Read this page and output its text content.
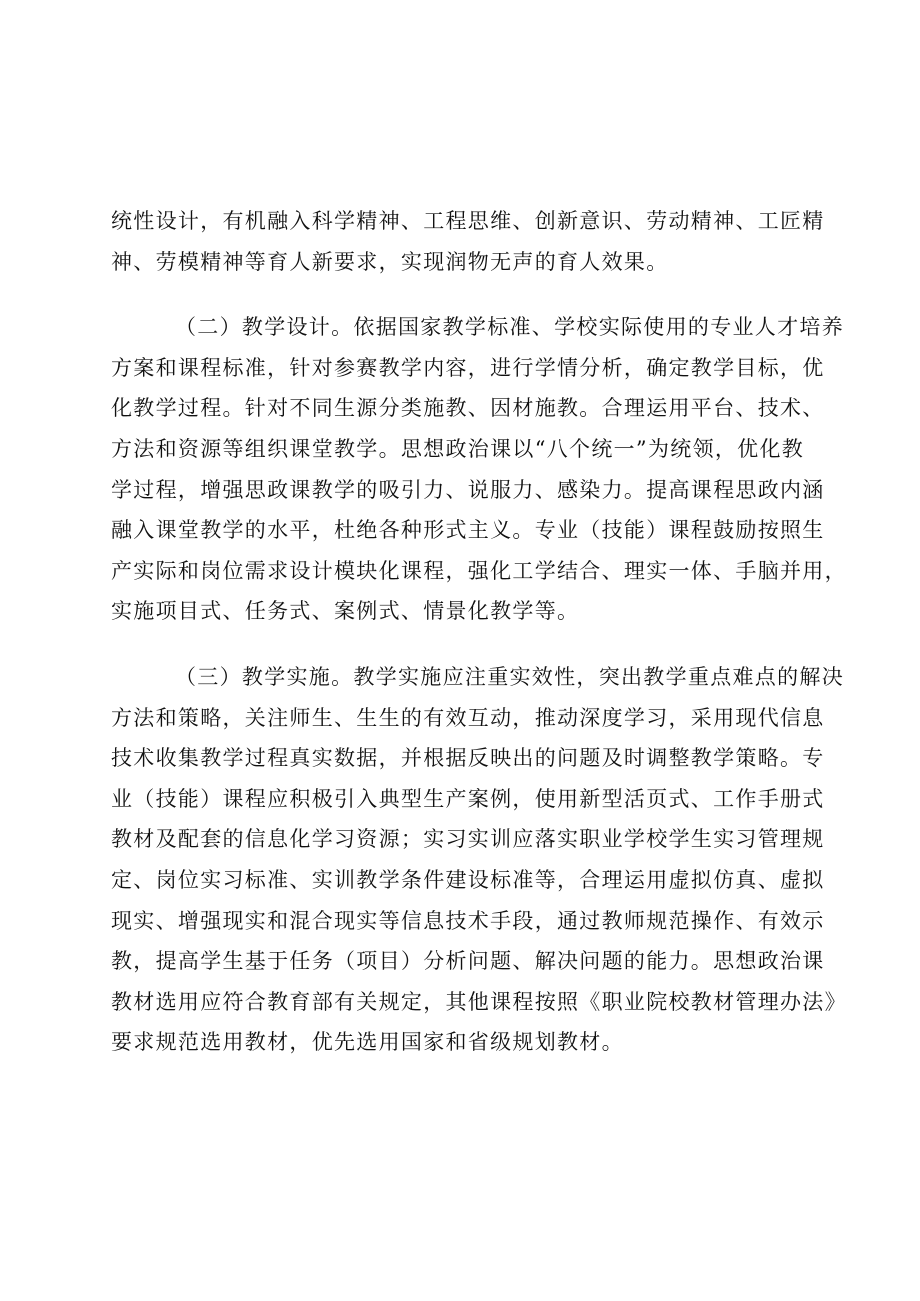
统性设计，有机融入科学精神、工程思维、创新意识、劳动精神、工匠精
神、劳模精神等育人新要求，实现润物无声的育人效果。

（二）教学设计。依据国家教学标准、学校实际使用的专业人才培养
方案和课程标准，针对参赛教学内容，进行学情分析，确定教学目标，优
化教学过程。针对不同生源分类施教、因材施教。合理运用平台、技术、
方法和资源等组织课堂教学。思想政治课以“八个统一”为统领，优化教
学过程，增强思政课教学的吸引力、说服力、感染力。提高课程思政内涵
融入课堂教学的水平，杜绝各种形式主义。专业（技能）课程鼓励按照生
产实际和岗位需求设计模块化课程，强化工学结合、理实一体、手脑并用，
实施项目式、任务式、案例式、情景化教学等。

（三）教学实施。教学实施应注重实效性，突出教学重点难点的解决
方法和策略，关注师生、生生的有效互动，推动深度学习，采用现代信息
技术收集教学过程真实数据，并根据反映出的问题及时调整教学策略。专
业（技能）课程应积极引入典型生产案例，使用新型活页式、工作手册式
教材及配套的信息化学习资源；实习实训应落实职业学校学生实习管理规
定、岗位实习标准、实训教学条件建设标准等，合理运用虚拟仿真、虚拟
现实、增强现实和混合现实等信息技术手段，通过教师规范操作、有效示
教，提高学生基于任务（项目）分析问题、解决问题的能力。思想政治课
教材选用应符合教育部有关规定，其他课程按照《职业院校教材管理办法》
要求规范选用教材，优先选用国家和省级规划教材。
